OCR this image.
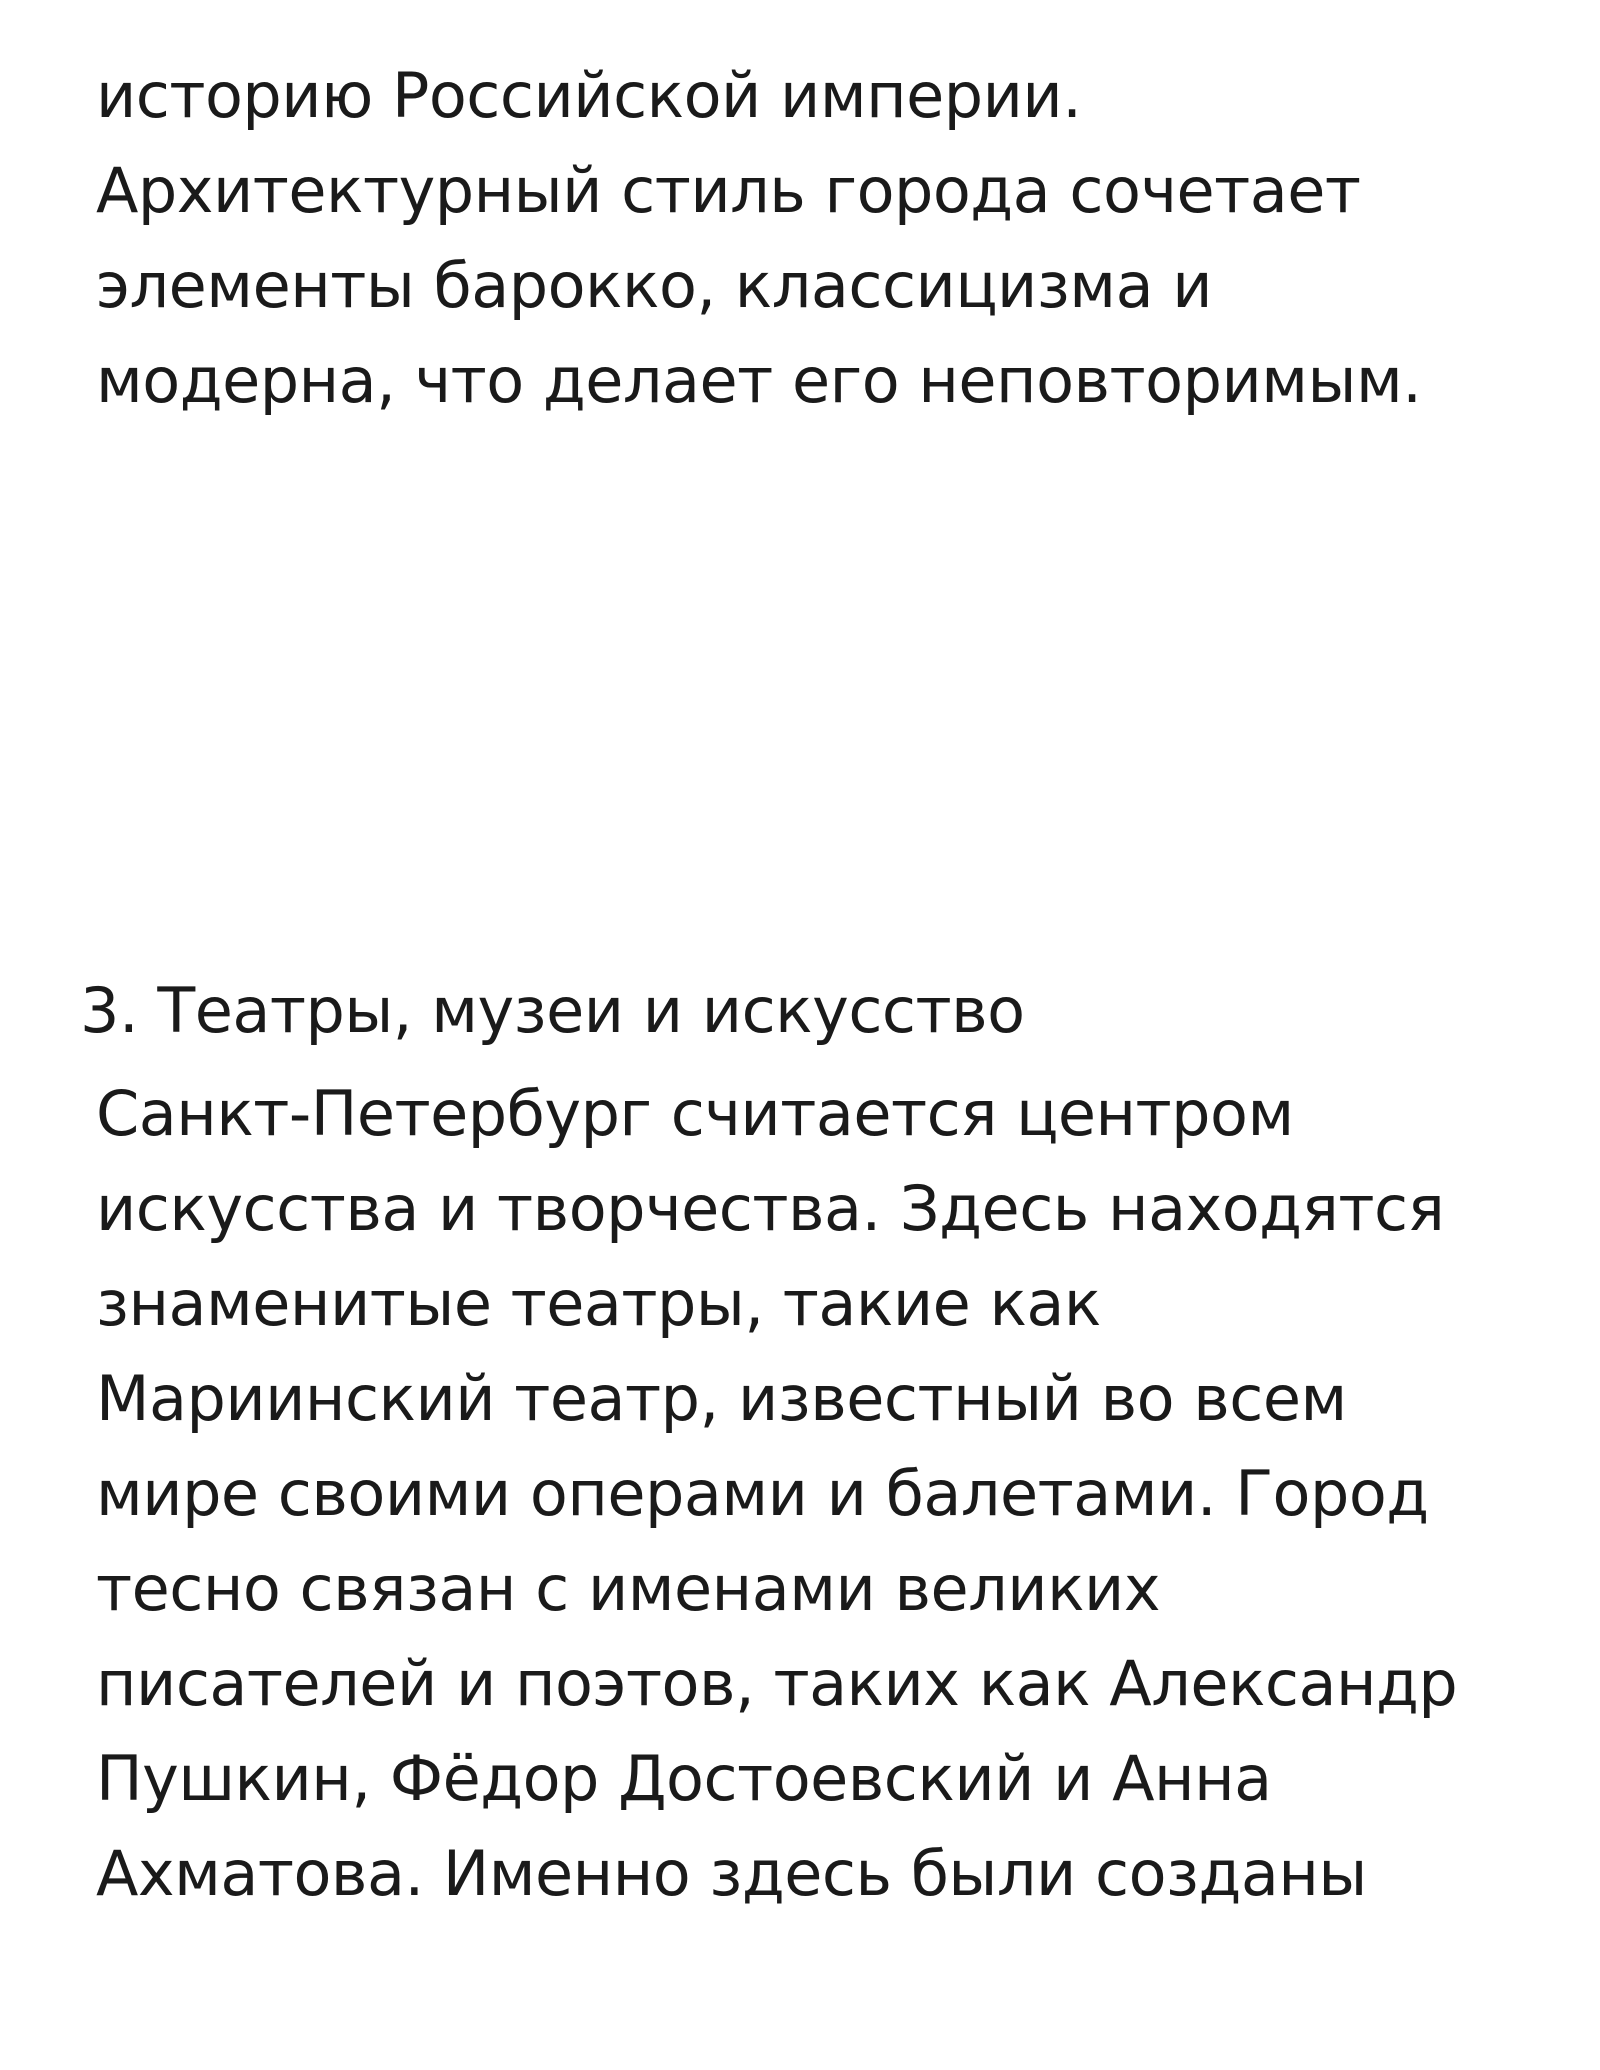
историю Российской империи.
Архитектурный стиль города сочетает
элементы барокко, классицизма и
модерна, что делает его неповторимым.

3. Театры, музеи и искусство

Санкт-Петербург считается центром
искусства и творчества. Здесь находятся
знаменитые театры, такие как
Мариинский театр, известный во всем
мире своими операми и балетами. Город
тесно связан с именами великих
писателей и поэтов, таких как Александр
Пушкин, Фёдор Достоевский и Анна
Ахматова. Именно здесь были созданы
